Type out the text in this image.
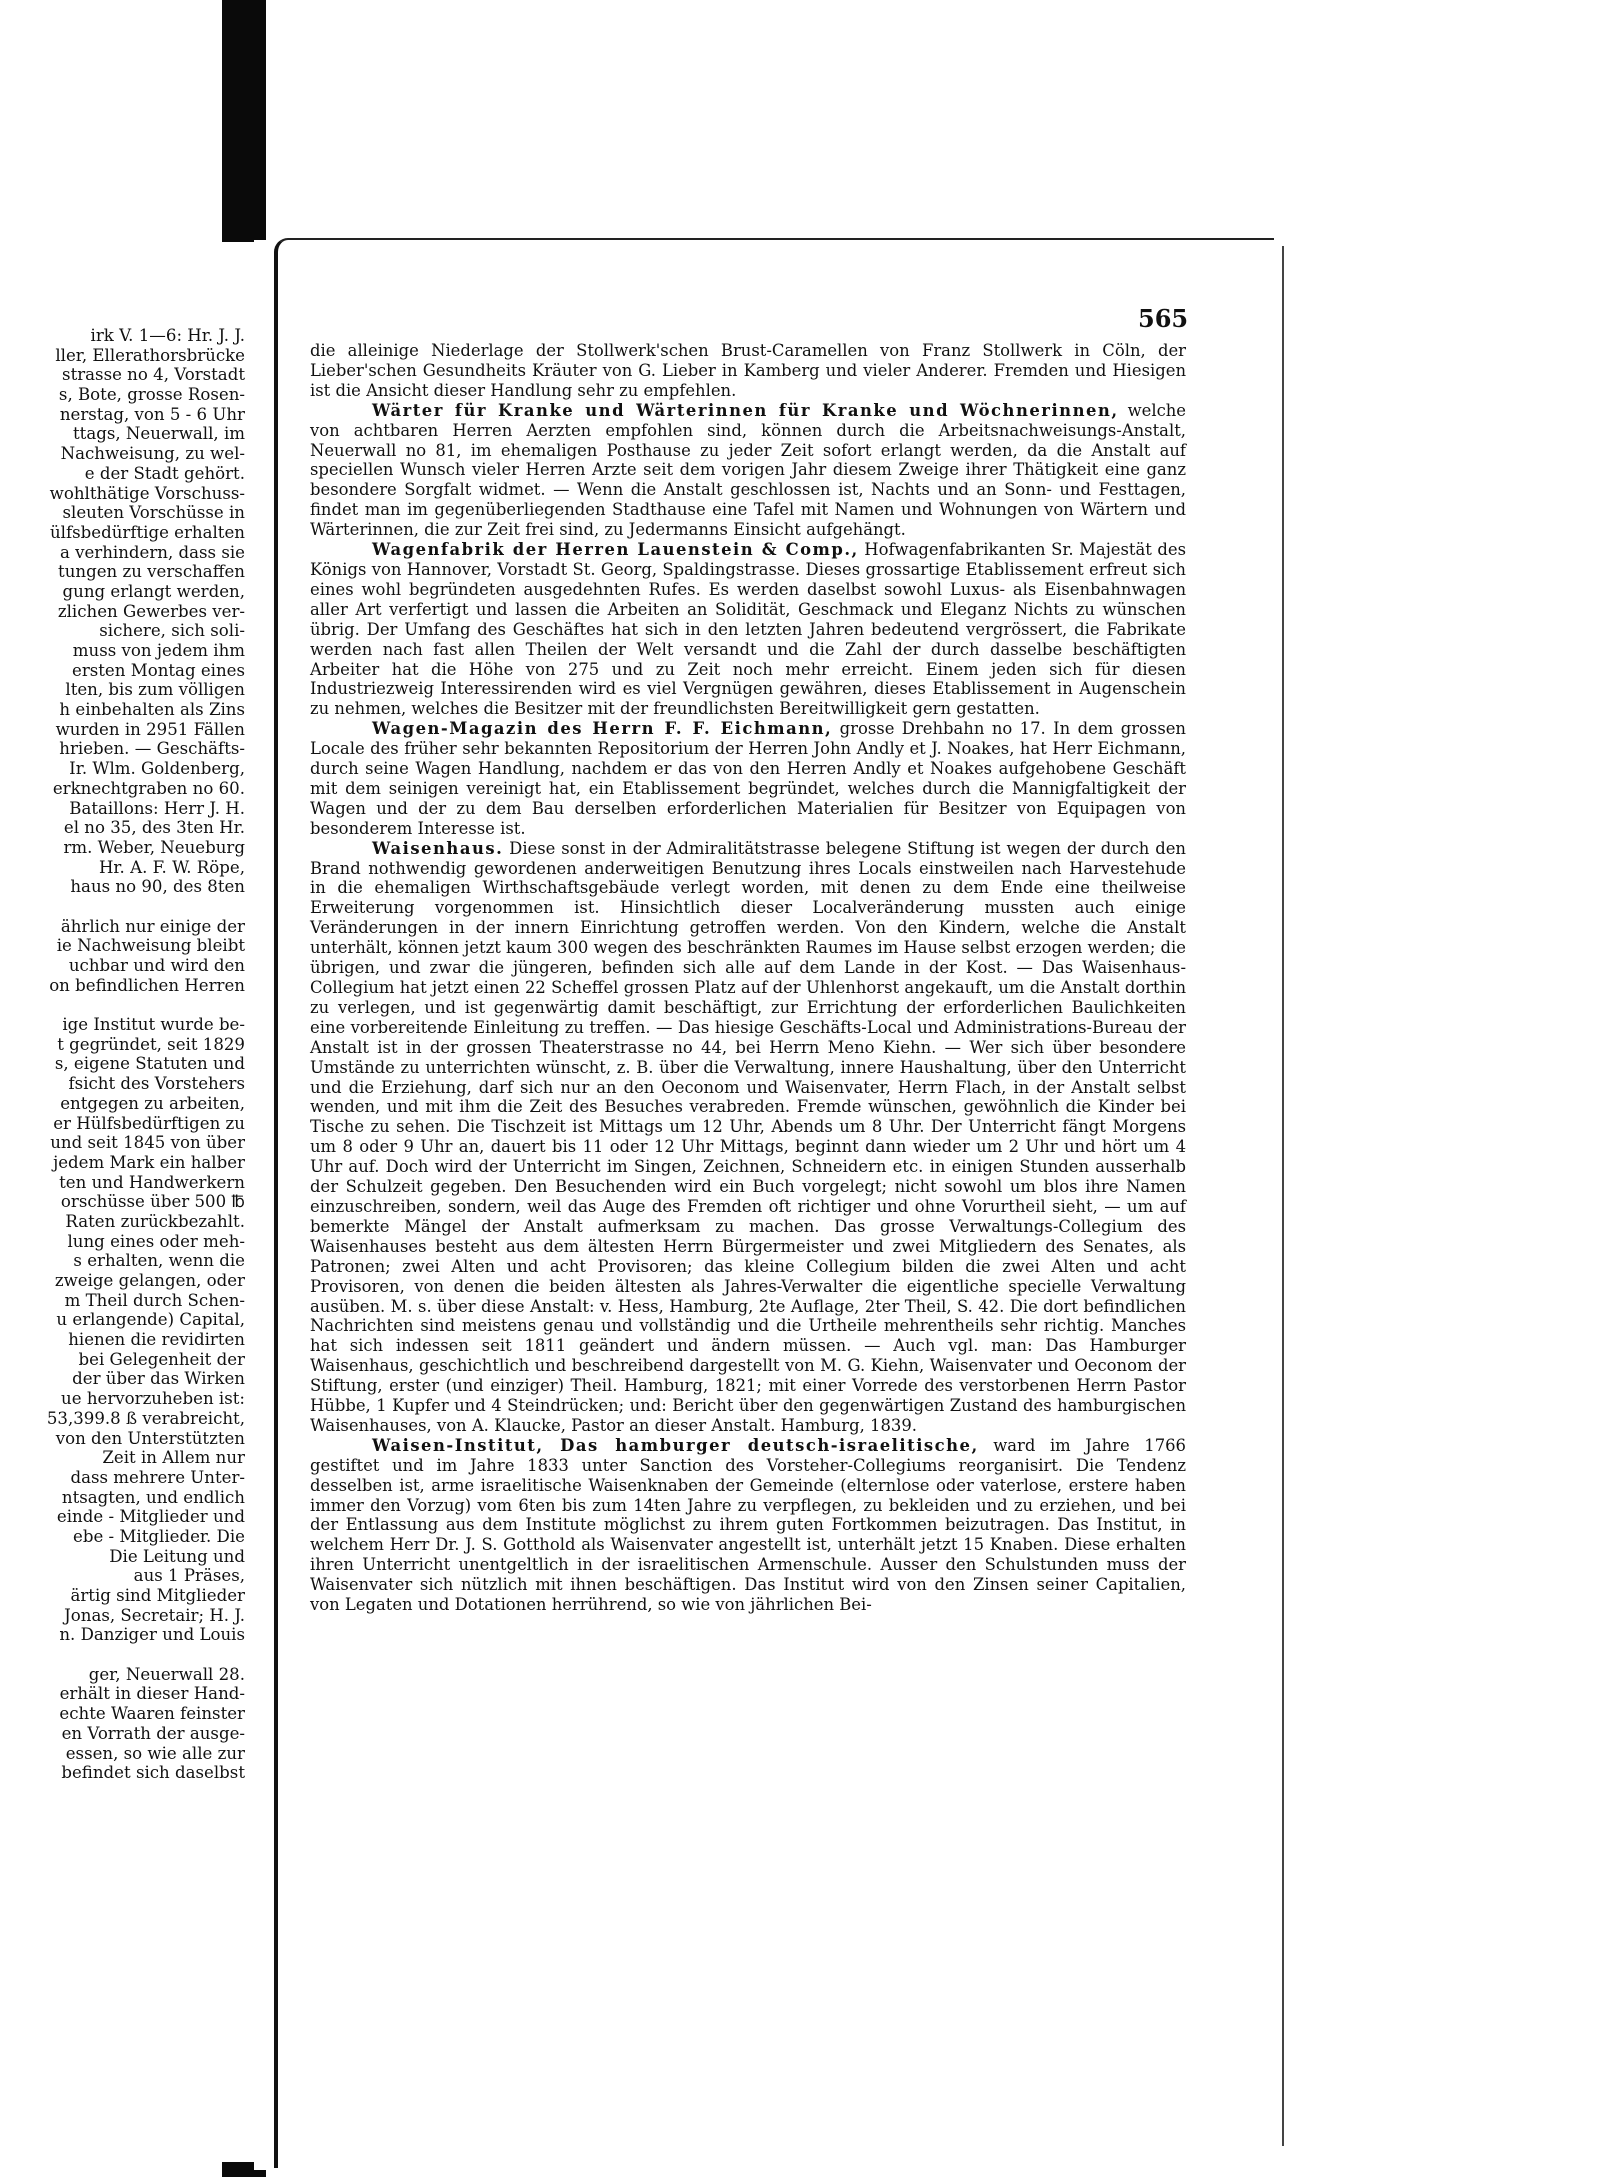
irk V. 1—6: Hr. J. J.
ller, Ellerathorsbrücke
strasse no 4, Vorstadt
s, Bote, grosse Rosen-
nerstag, von 5 - 6 Uhr
ttags, Neuerwall, im
Nachweisung, zu wel-
e der Stadt gehört.
wohlthätige Vorschuss-
sleuten Vorschüsse in
ülfsbedürftige erhalten
a verhindern, dass sie
tungen zu verschaffen
gung erlangt werden,
zlichen Gewerbes ver-
sichere, sich soli-
muss von jedem ihm
ersten Montag eines
lten, bis zum völligen
h einbehalten als Zins
wurden in 2951 Fällen
hrieben. — Geschäfts-
Ir. Wlm. Goldenberg,
erknechtgraben no 60.
Bataillons: Herr J. H.
el no 35, des 3ten Hr.
rm. Weber, Neueburg
Hr. A. F. W. Röpe,
haus no 90, des 8ten
ährlich nur einige der
ie Nachweisung bleibt
uchbar und wird den
on befindlichen Herren
ige Institut wurde be-
t gegründet, seit 1829
s, eigene Statuten und
fsicht des Vorstehers
entgegen zu arbeiten,
er Hülfsbedürftigen zu
und seit 1845 von über
jedem Mark ein halber
ten und Handwerkern
orschüsse über 500 ℔
Raten zurückbezahlt.
lung eines oder meh-
s erhalten, wenn die
zweige gelangen, oder
m Theil durch Schen-
u erlangende) Capital,
hienen die revidirten
bei Gelegenheit der
der über das Wirken
ue hervorzuheben ist:
53,399.8 ß verabreicht,
von den Unterstützten
Zeit in Allem nur
dass mehrere Unter-
ntsagten, und endlich
einde - Mitglieder und
ebe - Mitglieder. Die
Die Leitung und
aus 1 Präses,
ärtig sind Mitglieder
Jonas, Secretair; H. J.
n. Danziger und Louis
ger, Neuerwall 28.
erhält in dieser Hand-
echte Waaren feinster
en Vorrath der ausge-
essen, so wie alle zur
befindet sich daselbst
565

die alleinige Niederlage der Stollwerk'schen Brust-Caramellen von Franz Stollwerk in Cöln, der Lieber'schen Gesundheits Kräuter von G. Lieber in Kamberg und vieler Anderer. Fremden und Hiesigen ist die Ansicht dieser Handlung sehr zu empfehlen.

Wärter für Kranke und Wärterinnen für Kranke und Wöchnerinnen, welche von achtbaren Herren Aerzten empfohlen sind, können durch die Arbeitsnachweisungs-Anstalt, Neuerwall no 81, im ehemaligen Posthause zu jeder Zeit sofort erlangt werden, da die Anstalt auf speciellen Wunsch vieler Herren Arzte seit dem vorigen Jahr diesem Zweige ihrer Thätigkeit eine ganz besondere Sorgfalt widmet. — Wenn die Anstalt geschlossen ist, Nachts und an Sonn- und Festtagen, findet man im gegenüberliegenden Stadthause eine Tafel mit Namen und Wohnungen von Wärtern und Wärterinnen, die zur Zeit frei sind, zu Jedermanns Einsicht aufgehängt.

Wagenfabrik der Herren Lauenstein & Comp., Hofwagenfabrikanten Sr. Majestät des Königs von Hannover, Vorstadt St. Georg, Spaldingstrasse. Dieses grossartige Etablissement erfreut sich eines wohl begründeten ausgedehnten Rufes. Es werden daselbst sowohl Luxus- als Eisenbahnwagen aller Art verfertigt und lassen die Arbeiten an Solidität, Geschmack und Eleganz Nichts zu wünschen übrig. Der Umfang des Geschäftes hat sich in den letzten Jahren bedeutend vergrössert, die Fabrikate werden nach fast allen Theilen der Welt versandt und die Zahl der durch dasselbe beschäftigten Arbeiter hat die Höhe von 275 und zu Zeit noch mehr erreicht. Einem jeden sich für diesen Industriezweig Interessirenden wird es viel Vergnügen gewähren, dieses Etablissement in Augenschein zu nehmen, welches die Besitzer mit der freundlichsten Bereitwilligkeit gern gestatten.

Wagen-Magazin des Herrn F. F. Eichmann, grosse Drehbahn no 17. In dem grossen Locale des früher sehr bekannten Repositorium der Herren John Andly et J. Noakes, hat Herr Eichmann, durch seine Wagen Handlung, nachdem er das von den Herren Andly et Noakes aufgehobene Geschäft mit dem seinigen vereinigt hat, ein Etablissement begründet, welches durch die Mannigfaltigkeit der Wagen und der zu dem Bau derselben erforderlichen Materialien für Besitzer von Equipagen von besonderem Interesse ist.

Waisenhaus. Diese sonst in der Admiralitätstrasse belegene Stiftung ist wegen der durch den Brand nothwendig gewordenen anderweitigen Benutzung ihres Locals einstweilen nach Harvestehude in die ehemaligen Wirthschaftsgebäude verlegt worden, mit denen zu dem Ende eine theilweise Erweiterung vorgenommen ist. Hinsichtlich dieser Localveränderung mussten auch einige Veränderungen in der innern Einrichtung getroffen werden. Von den Kindern, welche die Anstalt unterhält, können jetzt kaum 300 wegen des beschränkten Raumes im Hause selbst erzogen werden; die übrigen, und zwar die jüngeren, befinden sich alle auf dem Lande in der Kost. — Das Waisenhaus-Collegium hat jetzt einen 22 Scheffel grossen Platz auf der Uhlenhorst angekauft, um die Anstalt dorthin zu verlegen, und ist gegenwärtig damit beschäftigt, zur Errichtung der erforderlichen Baulichkeiten eine vorbereitende Einleitung zu treffen. — Das hiesige Geschäfts-Local und Administrations-Bureau der Anstalt ist in der grossen Theaterstrasse no 44, bei Herrn Meno Kiehn. — Wer sich über besondere Umstände zu unterrichten wünscht, z. B. über die Verwaltung, innere Haushaltung, über den Unterricht und die Erziehung, darf sich nur an den Oeconom und Waisenvater, Herrn Flach, in der Anstalt selbst wenden, und mit ihm die Zeit des Besuches verabreden. Fremde wünschen, gewöhnlich die Kinder bei Tische zu sehen. Die Tischzeit ist Mittags um 12 Uhr, Abends um 8 Uhr. Der Unterricht fängt Morgens um 8 oder 9 Uhr an, dauert bis 11 oder 12 Uhr Mittags, beginnt dann wieder um 2 Uhr und hört um 4 Uhr auf. Doch wird der Unterricht im Singen, Zeichnen, Schneidern etc. in einigen Stunden ausserhalb der Schulzeit gegeben. Den Besuchenden wird ein Buch vorgelegt; nicht sowohl um blos ihre Namen einzuschreiben, sondern, weil das Auge des Fremden oft richtiger und ohne Vorurtheil sieht, — um auf bemerkte Mängel der Anstalt aufmerksam zu machen. Das grosse Verwaltungs-Collegium des Waisenhauses besteht aus dem ältesten Herrn Bürgermeister und zwei Mitgliedern des Senates, als Patronen; zwei Alten und acht Provisoren; das kleine Collegium bilden die zwei Alten und acht Provisoren, von denen die beiden ältesten als Jahres-Verwalter die eigentliche specielle Verwaltung ausüben. M. s. über diese Anstalt: v. Hess, Hamburg, 2te Auflage, 2ter Theil, S. 42. Die dort befindlichen Nachrichten sind meistens genau und vollständig und die Urtheile mehrentheils sehr richtig. Manches hat sich indessen seit 1811 geändert und ändern müssen. — Auch vgl. man: Das Hamburger Waisenhaus, geschichtlich und beschreibend dargestellt von M. G. Kiehn, Waisenvater und Oeconom der Stiftung, erster (und einziger) Theil. Hamburg, 1821; mit einer Vorrede des verstorbenen Herrn Pastor Hübbe, 1 Kupfer und 4 Steindrücken; und: Bericht über den gegenwärtigen Zustand des hamburgischen Waisenhauses, von A. Klaucke, Pastor an dieser Anstalt. Hamburg, 1839.

Waisen-Institut, Das hamburger deutsch-israelitische, ward im Jahre 1766 gestiftet und im Jahre 1833 unter Sanction des Vorsteher-Collegiums reorganisirt. Die Tendenz desselben ist, arme israelitische Waisenknaben der Gemeinde (elternlose oder vaterlose, erstere haben immer den Vorzug) vom 6ten bis zum 14ten Jahre zu verpflegen, zu bekleiden und zu erziehen, und bei der Entlassung aus dem Institute möglichst zu ihrem guten Fortkommen beizutragen. Das Institut, in welchem Herr Dr. J. S. Gotthold als Waisenvater angestellt ist, unterhält jetzt 15 Knaben. Diese erhalten ihren Unterricht unentgeltlich in der israelitischen Armenschule. Ausser den Schulstunden muss der Waisenvater sich nützlich mit ihnen beschäftigen. Das Institut wird von den Zinsen seiner Capitalien, von Legaten und Dotationen herrührend, so wie von jährlichen Bei-
